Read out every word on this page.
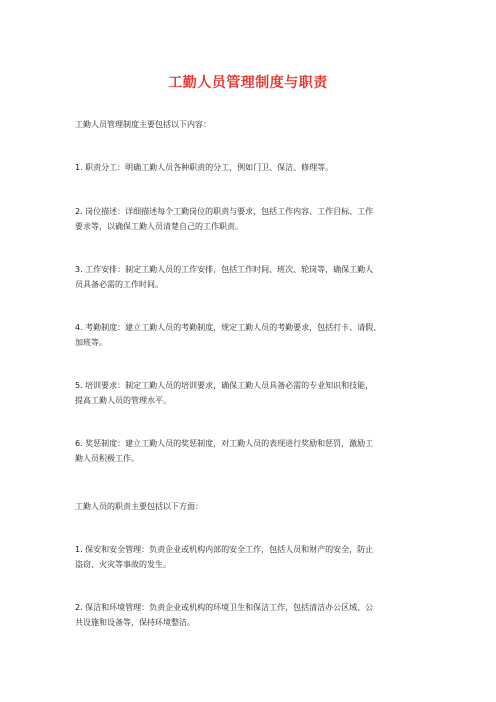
工勤人员管理制度与职责
工勤人员管理制度主要包括以下内容：
1. 职责分工：明确工勤人员各种职责的分工，例如门卫、保洁、修理等。
2. 岗位描述：详细描述每个工勤岗位的职责与要求，包括工作内容、工作目标、工作
要求等，以确保工勤人员清楚自己的工作职责。
3. 工作安排：制定工勤人员的工作安排，包括工作时间、班次、轮岗等，确保工勤人
员具备必需的工作时间。
4. 考勤制度：建立工勤人员的考勤制度，规定工勤人员的考勤要求，包括打卡、请假、
加班等。
5. 培训要求：制定工勤人员的培训要求，确保工勤人员具备必需的专业知识和技能，
提高工勤人员的管理水平。
6. 奖惩制度：建立工勤人员的奖惩制度，对工勤人员的表现进行奖励和惩罚，激励工
勤人员积极工作。
工勤人员的职责主要包括以下方面：
1. 保安和安全管理：负责企业或机构内部的安全工作，包括人员和财产的安全，防止
盗窃、火灾等事故的发生。
2. 保洁和环境管理：负责企业或机构的环境卫生和保洁工作，包括清洁办公区域、公
共设施和设备等，保持环境整洁。
